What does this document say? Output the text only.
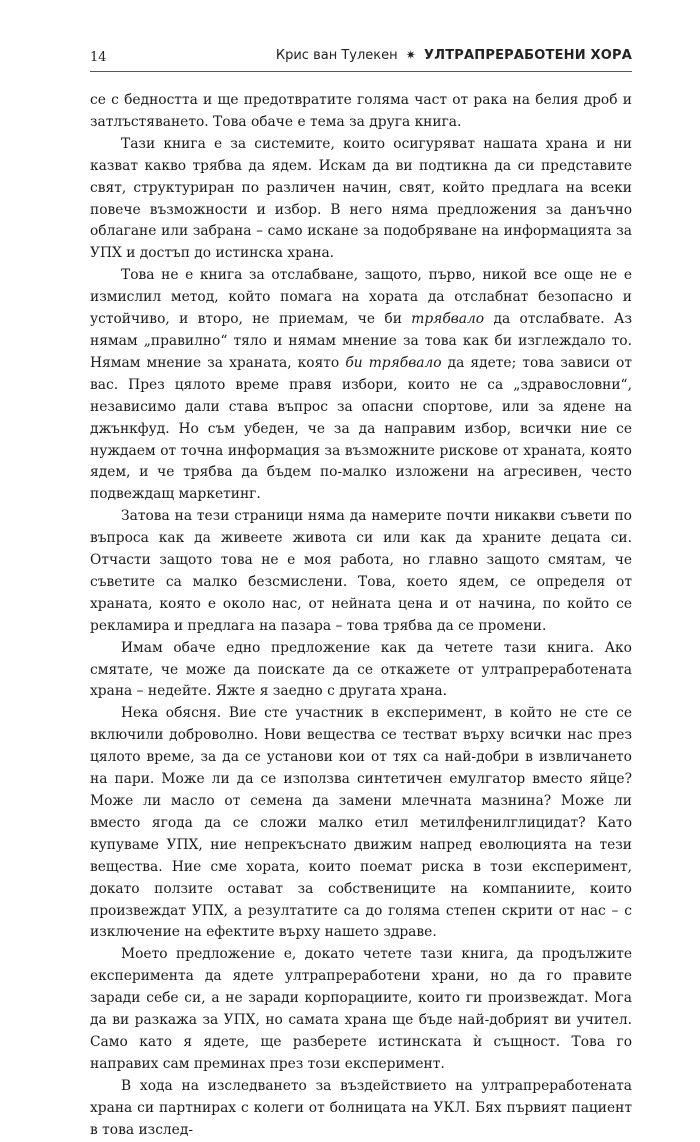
14	Крис ван Тулекен ✷ УЛТРАПРЕРАБОТЕНИ ХОРА

се с бедността и ще предотвратите голяма част от рака на белия дроб и затлъстяването. Това обаче е тема за друга книга.

Тази книга е за системите, които осигуряват нашата храна и ни казват какво трябва да ядем. Искам да ви подтикна да си представите свят, структуриран по различен начин, свят, който предлага на всеки повече възможности и избор. В него няма предложения за данъчно облагане или забрана – само искане за подобряване на информацията за УПХ и достъп до истинска храна.

Това не е книга за отслабване, защото, първо, никой все още не е измислил метод, който помага на хората да отслабнат безопасно и устойчиво, и второ, не приемам, че би трябвало да отслабвате. Аз нямам „правилно“ тяло и нямам мнение за това как би изглеждало то. Нямам мнение за храната, която би трябвало да ядете; това зависи от вас. През цялото време правя избори, които не са „здравословни“, независимо дали става въпрос за опасни спортове, или за ядене на джънкфуд. Но съм убеден, че за да направим избор, всички ние се нуждаем от точна информация за възможните рискове от храната, която ядем, и че трябва да бъдем по-малко изложени на агресивен, често подвеждащ маркетинг.

Затова на тези страници няма да намерите почти никакви съвети по въпроса как да живеете живота си или как да храните децата си. Отчасти защото това не е моя работа, но главно защото смятам, че съветите са малко безсмислени. Това, което ядем, се определя от храната, която е около нас, от нейната цена и от начина, по който се рекламира и предлага на пазара – това трябва да се промени.

Имам обаче едно предложение как да четете тази книга. Ако смятате, че може да поискате да се откажете от ултрапреработената храна – недейте. Яжте я заедно с другата храна.

Нека обясня. Вие сте участник в експеримент, в който не сте се включили доброволно. Нови вещества се тестват върху всички нас през цялото време, за да се установи кои от тях са най-добри в извличането на пари. Може ли да се използва синтетичен емулгатор вместо яйце? Може ли масло от семена да замени млечната мазнина? Може ли вместо ягода да се сложи малко етил метилфенилглицидат? Като купуваме УПХ, ние непрекъснато движим напред еволюцията на тези вещества. Ние сме хората, които поемат риска в този експеримент, докато ползите остават за собствениците на компаниите, които произвеждат УПХ, а резултатите са до голяма степен скрити от нас – с изключение на ефектите върху нашето здраве.

Моето предложение е, докато четете тази книга, да продължите експеримента да ядете ултрапреработени храни, но да го правите заради себе си, а не заради корпорациите, които ги произвеждат. Мога да ви разкажа за УПХ, но самата храна ще бъде най-добрият ви учител. Само като я ядете, ще разберете истинската ѝ същност. Това го направих сам преминах през този експеримент.

В хода на изследването за въздействието на ултрапреработената храна си партнирах с колеги от болницата на УКЛ. Бях първият пациент в това изслед-
